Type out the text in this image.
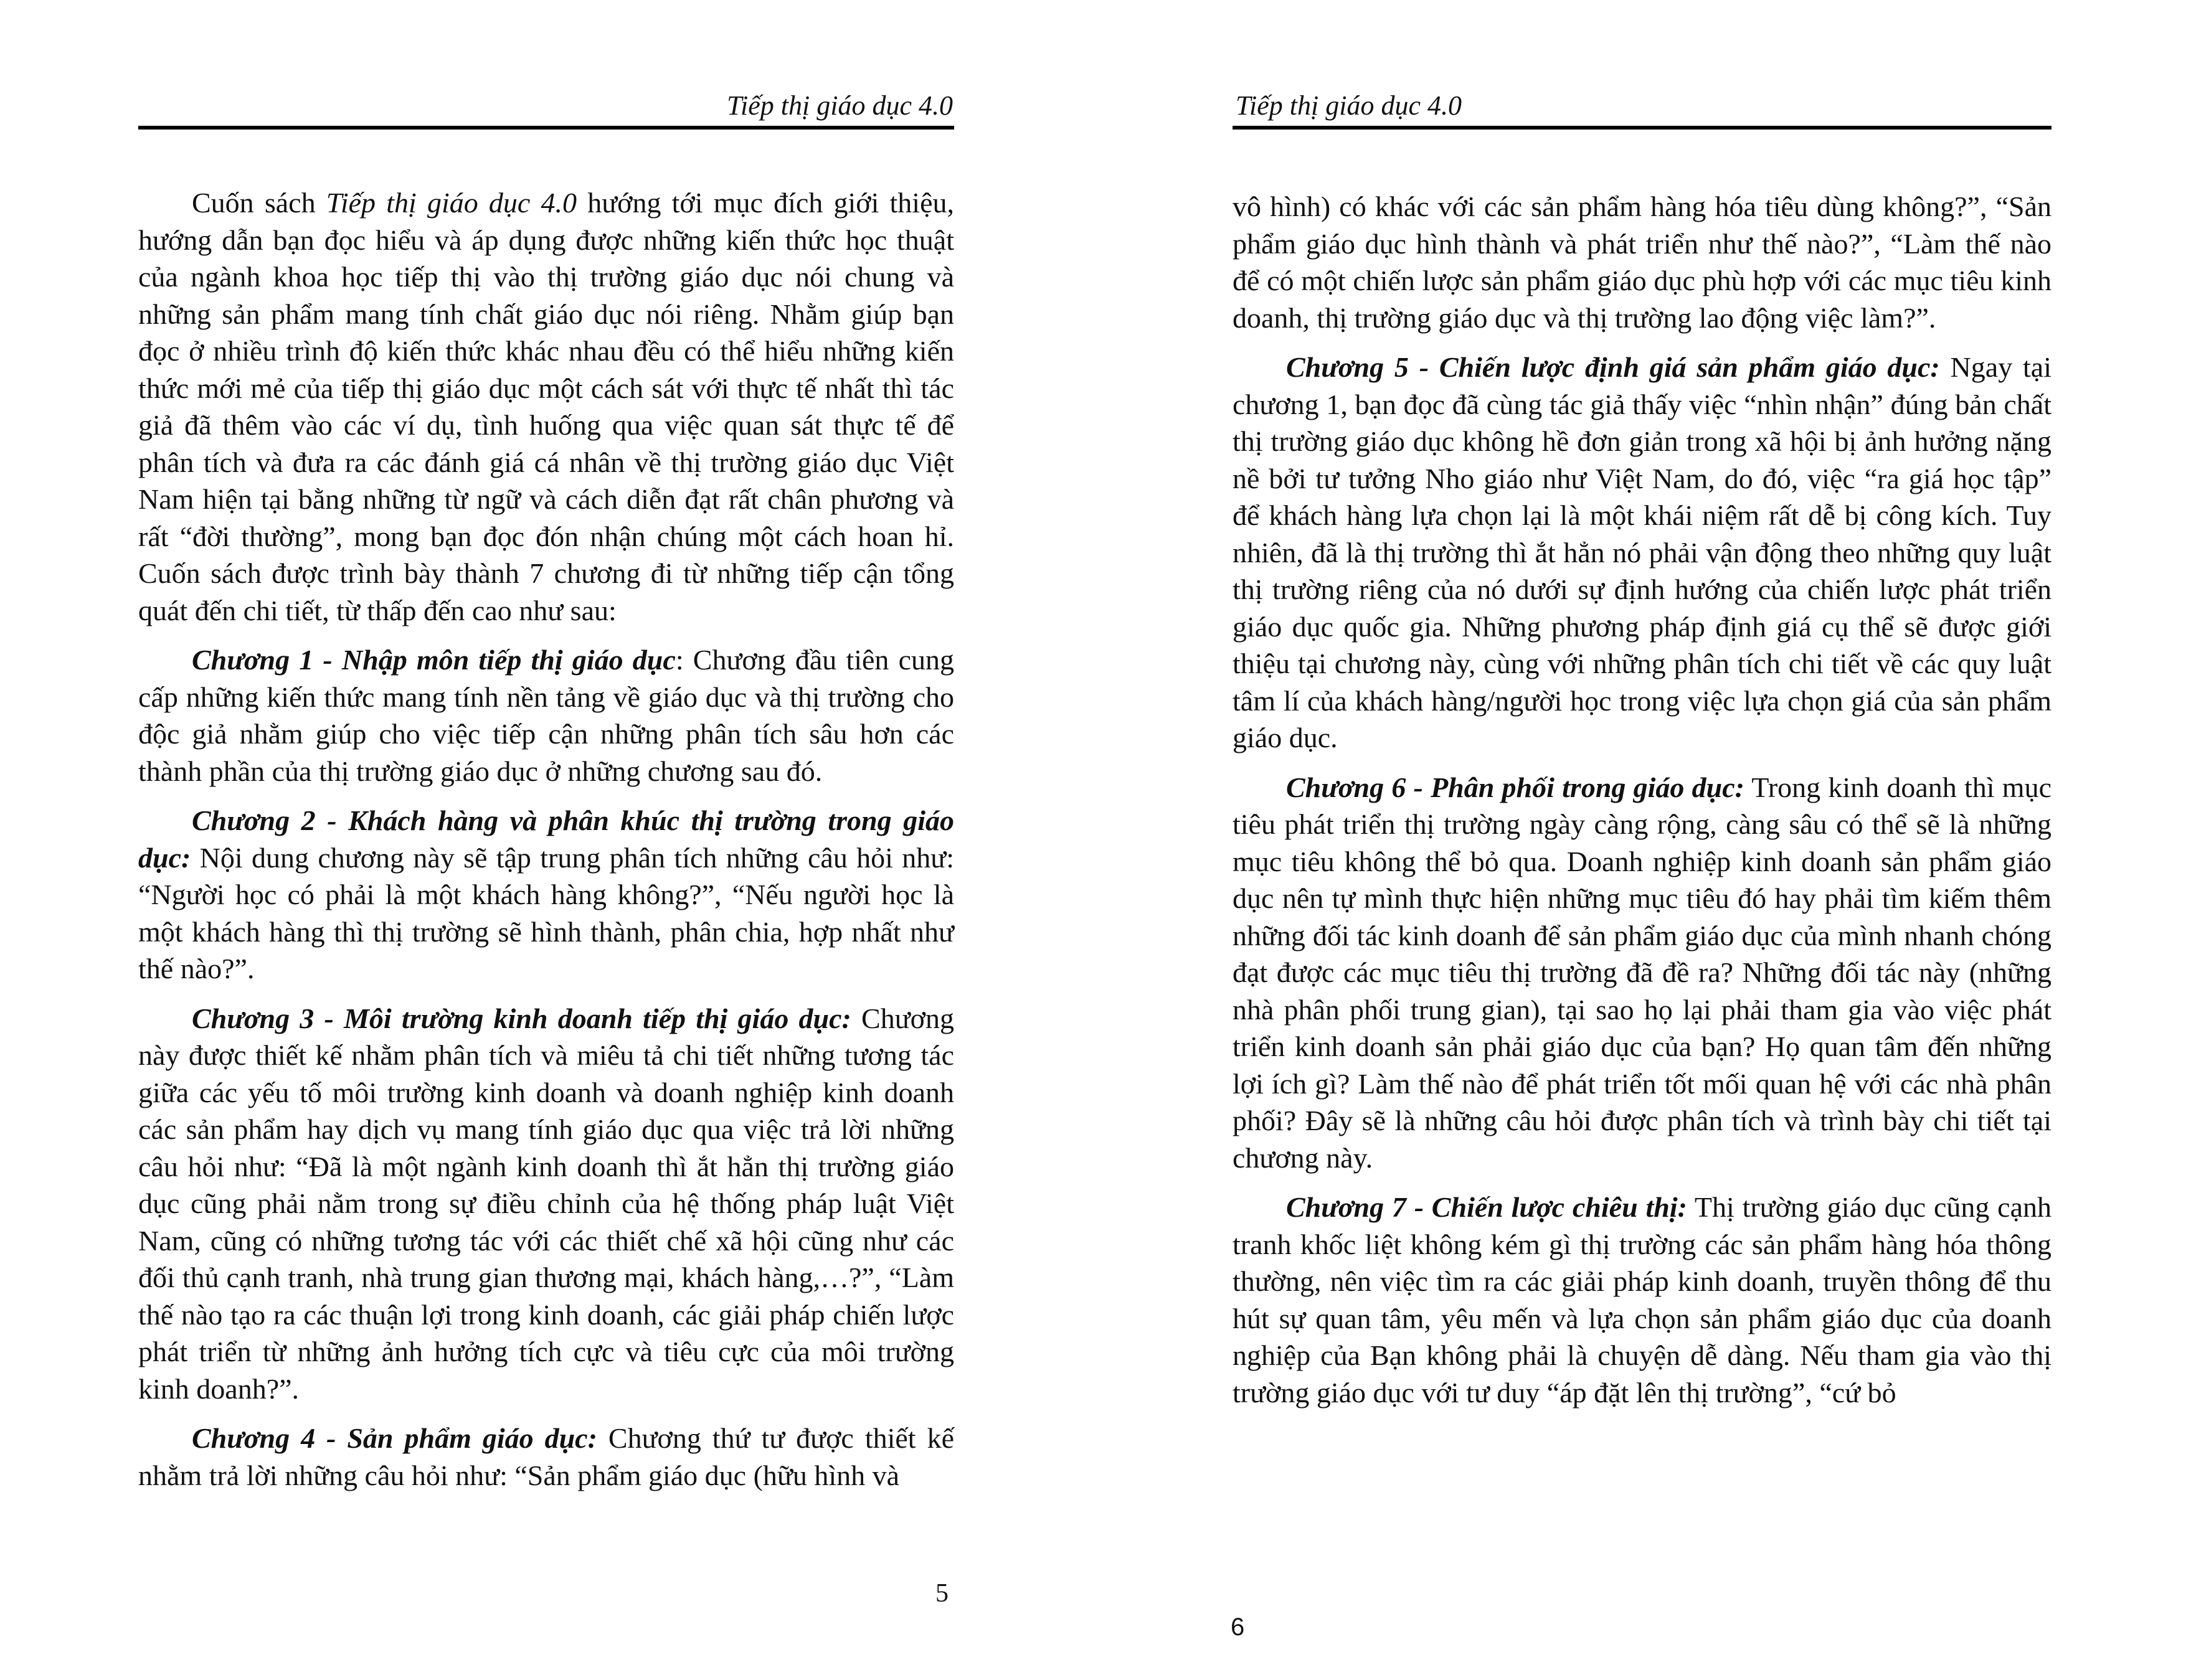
Tiếp thị giáo dục 4.0

Cuốn sách Tiếp thị giáo dục 4.0 hướng tới mục đích giới thiệu, hướng dẫn bạn đọc hiểu và áp dụng được những kiến thức học thuật của ngành khoa học tiếp thị vào thị trường giáo dục nói chung và những sản phẩm mang tính chất giáo dục nói riêng. Nhằm giúp bạn đọc ở nhiều trình độ kiến thức khác nhau đều có thể hiểu những kiến thức mới mẻ của tiếp thị giáo dục một cách sát với thực tế nhất thì tác giả đã thêm vào các ví dụ, tình huống qua việc quan sát thực tế để phân tích và đưa ra các đánh giá cá nhân về thị trường giáo dục Việt Nam hiện tại bằng những từ ngữ và cách diễn đạt rất chân phương và rất “đời thường”, mong bạn đọc đón nhận chúng một cách hoan hỉ. Cuốn sách được trình bày thành 7 chương đi từ những tiếp cận tổng quát đến chi tiết, từ thấp đến cao như sau:

Chương 1 - Nhập môn tiếp thị giáo dục: Chương đầu tiên cung cấp những kiến thức mang tính nền tảng về giáo dục và thị trường cho độc giả nhằm giúp cho việc tiếp cận những phân tích sâu hơn các thành phần của thị trường giáo dục ở những chương sau đó.

Chương 2 - Khách hàng và phân khúc thị trường trong giáo dục: Nội dung chương này sẽ tập trung phân tích những câu hỏi như: “Người học có phải là một khách hàng không?”, “Nếu người học là một khách hàng thì thị trường sẽ hình thành, phân chia, hợp nhất như thế nào?”.

Chương 3 - Môi trường kinh doanh tiếp thị giáo dục: Chương này được thiết kế nhằm phân tích và miêu tả chi tiết những tương tác giữa các yếu tố môi trường kinh doanh và doanh nghiệp kinh doanh các sản phẩm hay dịch vụ mang tính giáo dục qua việc trả lời những câu hỏi như: “Đã là một ngành kinh doanh thì ắt hẳn thị trường giáo dục cũng phải nằm trong sự điều chỉnh của hệ thống pháp luật Việt Nam, cũng có những tương tác với các thiết chế xã hội cũng như các đối thủ cạnh tranh, nhà trung gian thương mại, khách hàng,…?”, “Làm thế nào tạo ra các thuận lợi trong kinh doanh, các giải pháp chiến lược phát triển từ những ảnh hưởng tích cực và tiêu cực của môi trường kinh doanh?”.

Chương 4 - Sản phẩm giáo dục: Chương thứ tư được thiết kế nhằm trả lời những câu hỏi như: “Sản phẩm giáo dục (hữu hình và

5
Tiếp thị giáo dục 4.0

vô hình) có khác với các sản phẩm hàng hóa tiêu dùng không?”, “Sản phẩm giáo dục hình thành và phát triển như thế nào?”, “Làm thế nào để có một chiến lược sản phẩm giáo dục phù hợp với các mục tiêu kinh doanh, thị trường giáo dục và thị trường lao động việc làm?”.

Chương 5 - Chiến lược định giá sản phẩm giáo dục: Ngay tại chương 1, bạn đọc đã cùng tác giả thấy việc “nhìn nhận” đúng bản chất thị trường giáo dục không hề đơn giản trong xã hội bị ảnh hưởng nặng nề bởi tư tưởng Nho giáo như Việt Nam, do đó, việc “ra giá học tập” để khách hàng lựa chọn lại là một khái niệm rất dễ bị công kích. Tuy nhiên, đã là thị trường thì ắt hẳn nó phải vận động theo những quy luật thị trường riêng của nó dưới sự định hướng của chiến lược phát triển giáo dục quốc gia. Những phương pháp định giá cụ thể sẽ được giới thiệu tại chương này, cùng với những phân tích chi tiết về các quy luật tâm lí của khách hàng/người học trong việc lựa chọn giá của sản phẩm giáo dục.

Chương 6 - Phân phối trong giáo dục: Trong kinh doanh thì mục tiêu phát triển thị trường ngày càng rộng, càng sâu có thể sẽ là những mục tiêu không thể bỏ qua. Doanh nghiệp kinh doanh sản phẩm giáo dục nên tự mình thực hiện những mục tiêu đó hay phải tìm kiếm thêm những đối tác kinh doanh để sản phẩm giáo dục của mình nhanh chóng đạt được các mục tiêu thị trường đã đề ra? Những đối tác này (những nhà phân phối trung gian), tại sao họ lại phải tham gia vào việc phát triển kinh doanh sản phải giáo dục của bạn? Họ quan tâm đến những lợi ích gì? Làm thế nào để phát triển tốt mối quan hệ với các nhà phân phối? Đây sẽ là những câu hỏi được phân tích và trình bày chi tiết tại chương này.

Chương 7 - Chiến lược chiêu thị: Thị trường giáo dục cũng cạnh tranh khốc liệt không kém gì thị trường các sản phẩm hàng hóa thông thường, nên việc tìm ra các giải pháp kinh doanh, truyền thông để thu hút sự quan tâm, yêu mến và lựa chọn sản phẩm giáo dục của doanh nghiệp của Bạn không phải là chuyện dễ dàng. Nếu tham gia vào thị trường giáo dục với tư duy “áp đặt lên thị trường”, “cứ bỏ

6
